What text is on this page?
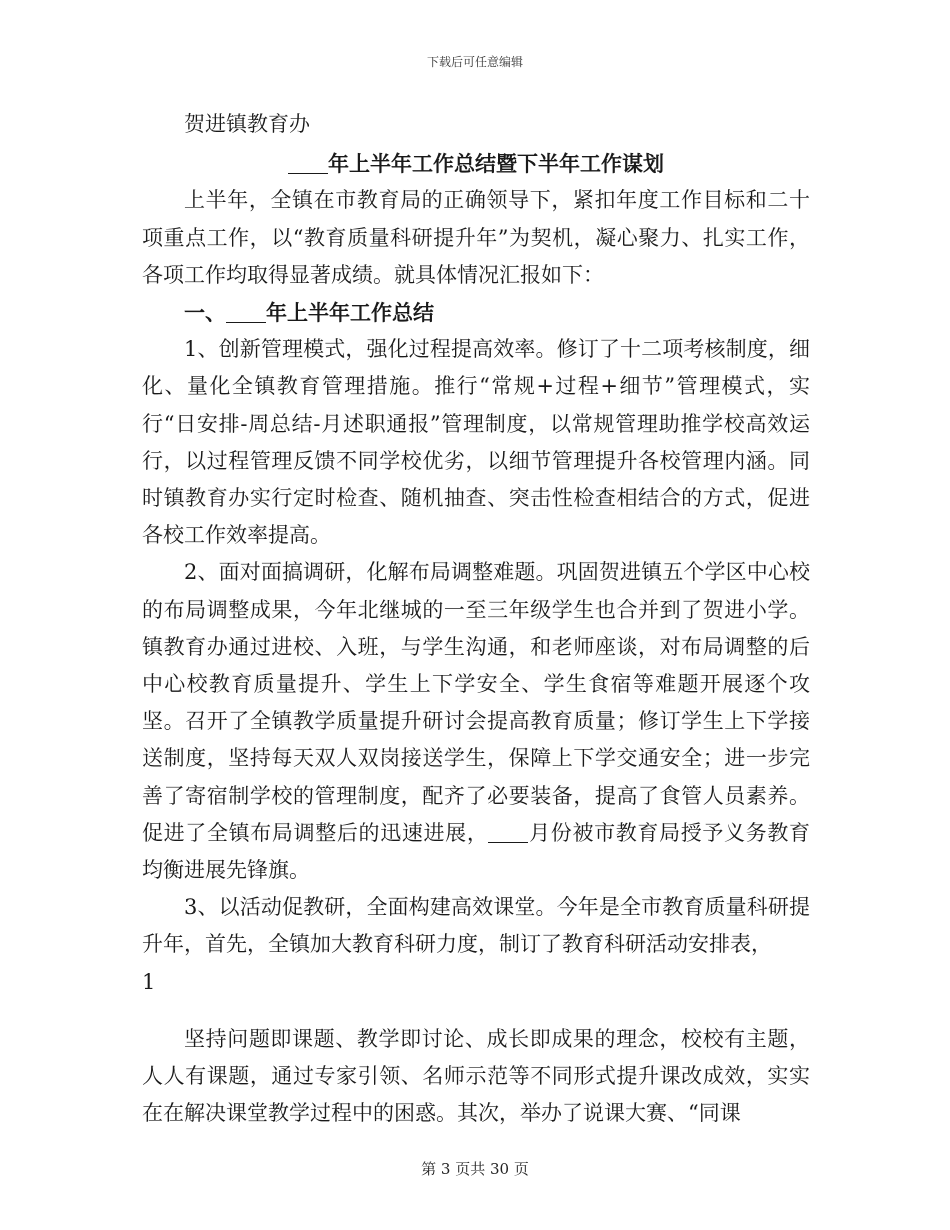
下载后可任意编辑

贺进镇教育办

年上半年工作总结暨下半年工作谋划

上半年，全镇在市教育局的正确领导下，紧扣年度工作目标和二十项重点工作，以“教育质量科研提升年”为契机，凝心聚力、扎实工作，各项工作均取得显著成绩。就具体情况汇报如下：

一、 年上半年工作总结

1、创新管理模式，强化过程提高效率。修订了十二项考核制度，细化、量化全镇教育管理措施。推行“常规+过程+细节”管理模式，实行“日安排-周总结-月述职通报”管理制度，以常规管理助推学校高效运行，以过程管理反馈不同学校优劣，以细节管理提升各校管理内涵。同时镇教育办实行定时检查、随机抽查、突击性检查相结合的方式，促进各校工作效率提高。

2、面对面搞调研，化解布局调整难题。巩固贺进镇五个学区中心校的布局调整成果，今年北继城的一至三年级学生也合并到了贺进小学。镇教育办通过进校、入班，与学生沟通，和老师座谈，对布局调整的后中心校教育质量提升、学生上下学安全、学生食宿等难题开展逐个攻坚。召开了全镇教学质量提升研讨会提高教育质量；修订学生上下学接送制度，坚持每天双人双岗接送学生，保障上下学交通安全；进一步完善了寄宿制学校的管理制度，配齐了必要装备，提高了食管人员素养。促进了全镇布局调整后的迅速进展， 月份被市教育局授予义务教育均衡进展先锋旗。

3、以活动促教研，全面构建高效课堂。今年是全市教育质量科研提升年，首先，全镇加大教育科研力度，制订了教育科研活动安排表，

1

坚持问题即课题、教学即讨论、成长即成果的理念，校校有主题，人人有课题，通过专家引领、名师示范等不同形式提升课改成效，实实在在解决课堂教学过程中的困惑。其次，举办了说课大赛、“同课

第 3 页共 30 页
